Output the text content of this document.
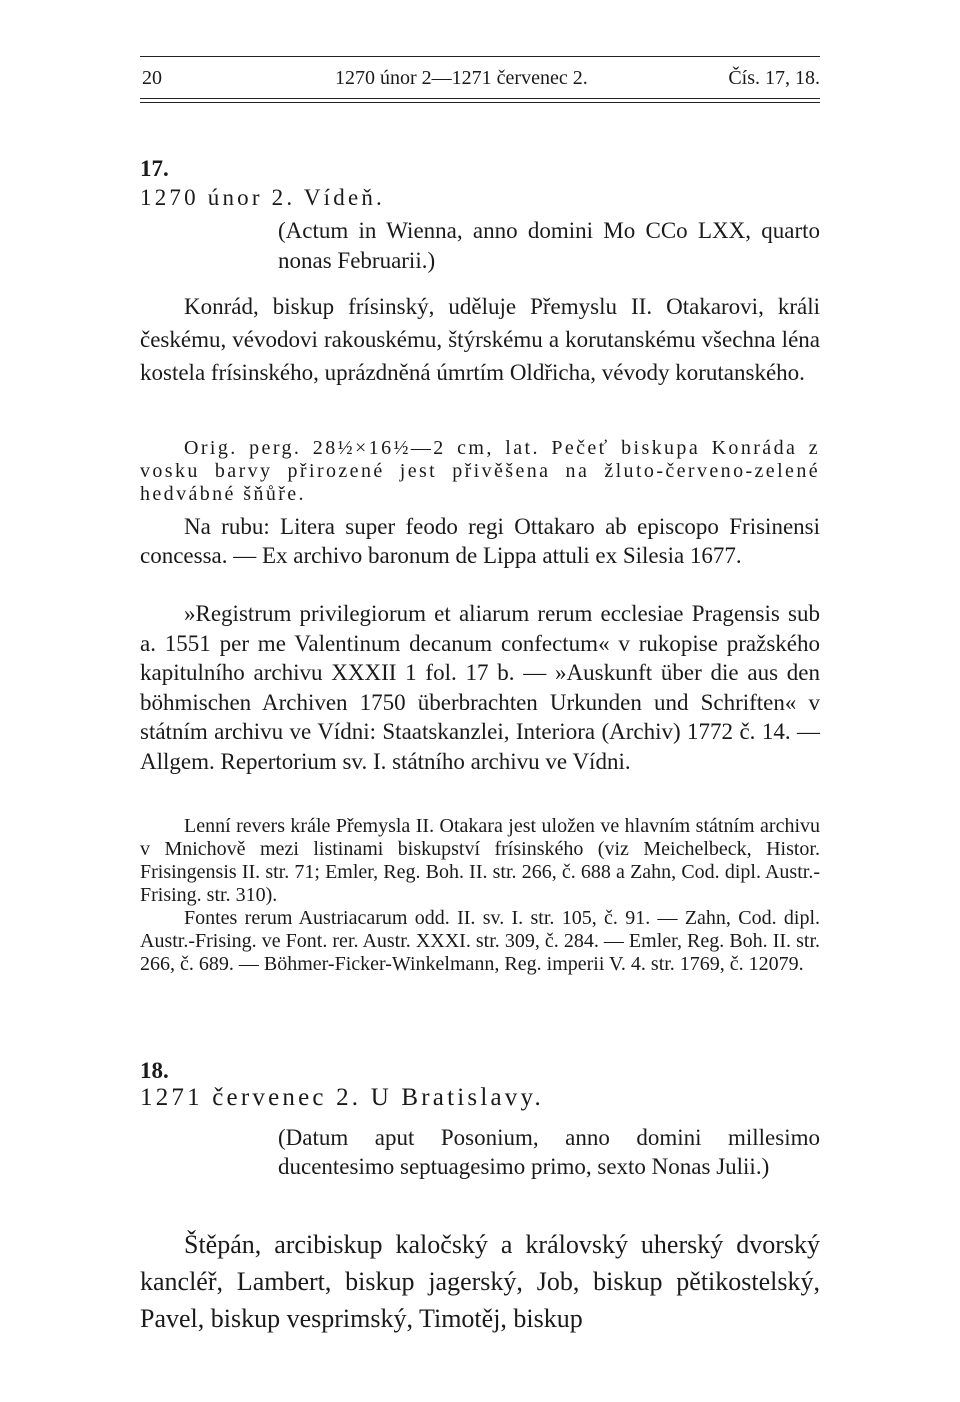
20	1270 únor 2—1271 červenec 2.	Čís. 17, 18.
17.
1270 únor 2. Vídeň.
(Actum in Wienna, anno domini Mo CCo LXX, quarto nonas Februarii.)
Konrád, biskup frísinský, uděluje Přemyslu II. Otakarovi, králi českému, vévodovi rakouskému, štýrskému a korutanskému všechna léna kostela frísinského, uprázdněná úmrtím Oldřicha, vévody korutanského.
Orig. perg. 28½×16½—2 cm, lat. Pečeť biskupa Konráda z vosku barvy přirozené jest přivěšena na žluto-červeno-zelené hedvábné šňůře.
Na rubu: Litera super feodo regi Ottakaro ab episcopo Frisinensi concessa. — Ex archivo baronum de Lippa attuli ex Silesia 1677.
»Registrum privilegiorum et aliarum rerum ecclesiae Pragensis sub a. 1551 per me Valentinum decanum confectum« v rukopise pražského kapitulního archivu XXXII 1 fol. 17 b. — »Auskunft über die aus den böhmischen Archiven 1750 überbrachten Urkunden und Schriften« v státním archivu ve Vídni: Staatskanzlei, Interiora (Archiv) 1772 č. 14. — Allgem. Repertorium sv. I. státního archivu ve Vídni.
Lenní revers krále Přemysla II. Otakara jest uložen ve hlavním státním archivu v Mnichově mezi listinami biskupství frísinského (viz Meichelbeck, Histor. Frisingensis II. str. 71; Emler, Reg. Boh. II. str. 266, č. 688 a Zahn, Cod. dipl. Austr.-Frising. str. 310).
Fontes rerum Austriacarum odd. II. sv. I. str. 105, č. 91. — Zahn, Cod. dipl. Austr.-Frising. ve Font. rer. Austr. XXXI. str. 309, č. 284. — Emler, Reg. Boh. II. str. 266, č. 689. — Böhmer-Ficker-Winkelmann, Reg. imperii V. 4. str. 1769, č. 12079.
18.
1271 červenec 2. U Bratislavy.
(Datum aput Posonium, anno domini millesimo ducentesimo septuagesimo primo, sexto Nonas Julii.)
Štěpán, arcibiskup kaločský a královský uherský dvorský kancléř, Lambert, biskup jagerský, Job, biskup pětikostelský, Pavel, biskup vesprimský, Timotěj, biskup
